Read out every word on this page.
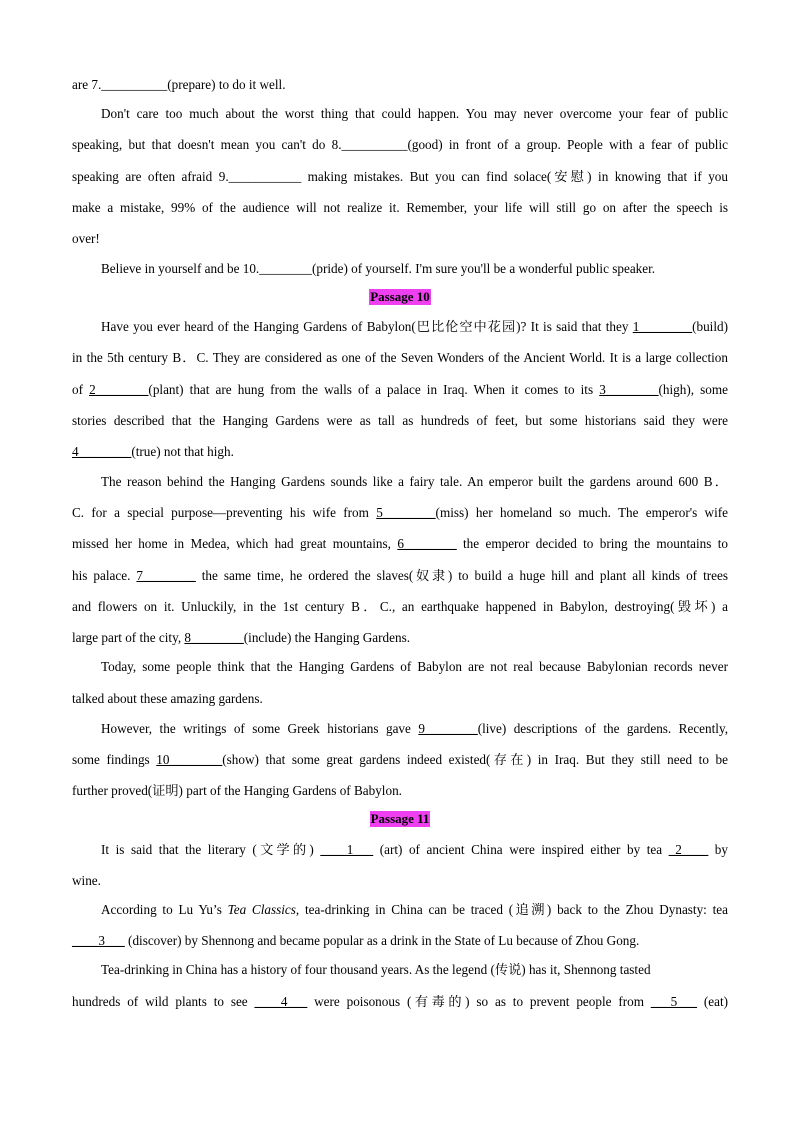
are 7.__________(prepare) to do it well.
Don't care too much about the worst thing that could happen. You may never overcome your fear of public
speaking, but that doesn't mean you can't do 8.__________(good) in front of a group. People with a fear of public
speaking are often afraid 9.___________ making mistakes. But you can find solace(安慰) in knowing that if you
make a mistake, 99% of the audience will not realize it. Remember, your life will still go on after the speech is
over!
Believe in yourself and be 10.________(pride) of yourself. I'm sure you'll be a wonderful public speaker.
Passage 10
Have you ever heard of the Hanging Gardens of Babylon(巴比伦空中花园)? It is said that they 1________(build)
in the 5th century B．C. They are considered as one of the Seven Wonders of the Ancient World. It is a large collection
of 2________(plant) that are hung from the walls of a palace in Iraq. When it comes to its 3________(high), some
stories described that the Hanging Gardens were as tall as hundreds of feet, but some historians said they were
4________(true) not that high.
The reason behind the Hanging Gardens sounds like a fairy tale. An emperor built the gardens around 600 B．
C. for a special purpose—preventing his wife from 5________(miss) her homeland so much. The emperor's wife
missed her home in Medea, which had great mountains, 6________ the emperor decided to bring the mountains to
his palace. 7________ the same time, he ordered the slaves(奴隶) to build a huge hill and plant all kinds of trees
and flowers on it. Unluckily, in the 1st century B．C., an earthquake happened in Babylon, destroying(毁坏) a
large part of the city, 8________(include) the Hanging Gardens.
Today, some people think that the Hanging Gardens of Babylon are not real because Babylonian records never
talked about these amazing gardens.
However, the writings of some Greek historians gave 9________(live) descriptions of the gardens. Recently,
some findings 10________(show) that some great gardens indeed existed(存在) in Iraq. But they still need to be
further proved(证明) part of the Hanging Gardens of Babylon.
Passage 11
It is said that the literary (文学的) ____1___ (art) of ancient China were inspired either by tea _2____ by
wine.
According to Lu Yu’s Tea Classics, tea-drinking in China can be traced (追溯) back to the Zhou Dynasty: tea
____3___ (discover) by Shennong and became popular as a drink in the State of Lu because of Zhou Gong.
Tea-drinking in China has a history of four thousand years. As the legend (传说) has it, Shennong tasted
hundreds of wild plants to see ____4___ were poisonous (有毒的) so as to prevent people from ___5___ (eat)
